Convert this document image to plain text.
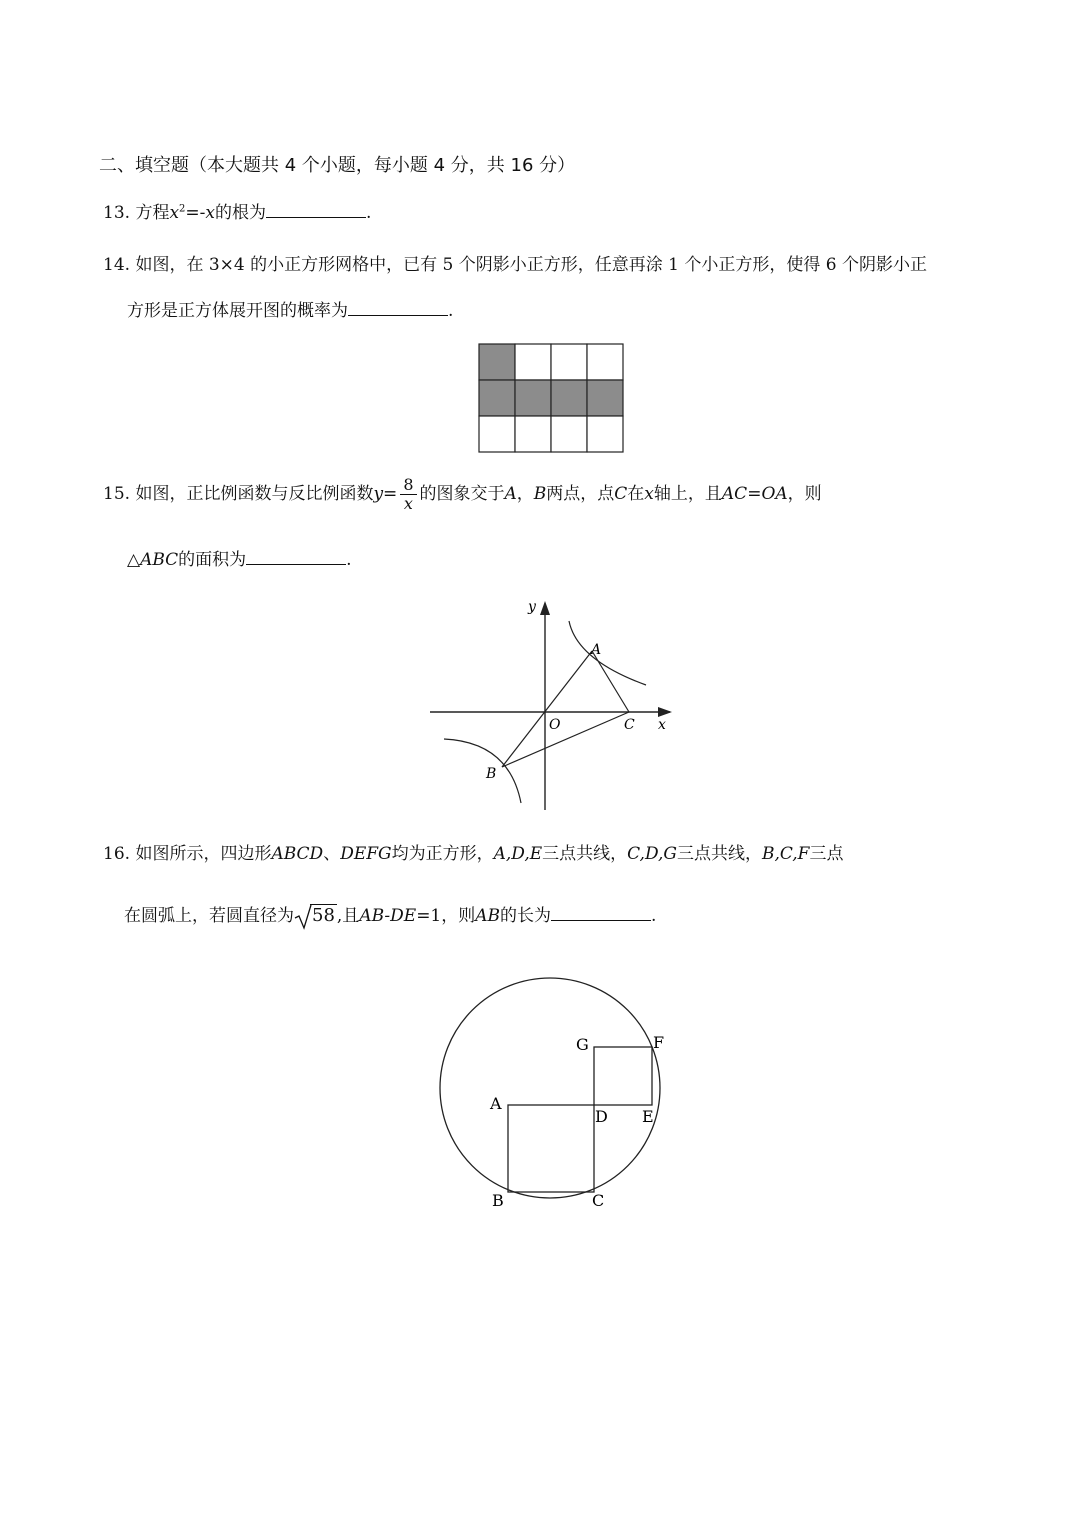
二、填空题（本大题共 4 个小题，每小题 4 分，共 16 分）
13. 方程$x^2=-x$的根为	.
14. 如图，在 3×4 的小正方形网格中，已有 5 个阴影小正方形，任意再涂 1 个小正方形，使得 6 个阴影小正
方形是正方体展开图的概率为	.
15. 如图，正比例函数与反比例函数$y= \frac{8}{x}$ 的图象交于A，B两点，点C在x轴上，且AC=OA，则
△ABC的面积为	.
y
x
O
A
B
C
16. 如图所示，四边形ABCD、DEFG均为正方形，A,D,E三点共线，C,D,G三点共线，B,C,F三点
在圆弧上，若圆直径为 58 ,且AB-DE=1，则AB的长为	.
A
B	C
D E
F
G
